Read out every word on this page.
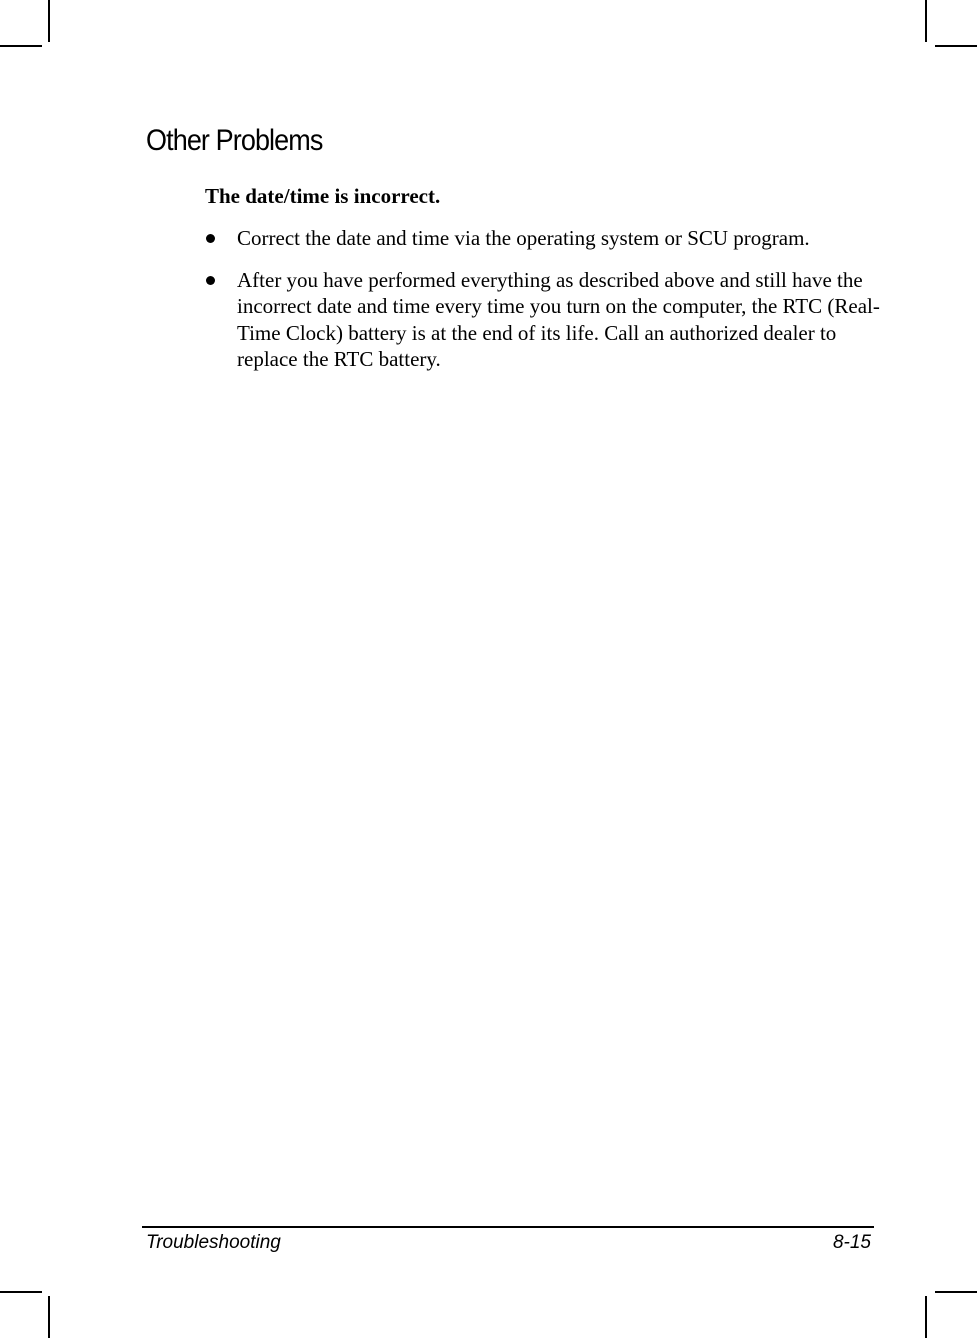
Other Problems
The date/time is incorrect.
Correct the date and time via the operating system or SCU program.
After you have performed everything as described above and still have the incorrect date and time every time you turn on the computer, the RTC (Real-Time Clock) battery is at the end of its life. Call an authorized dealer to replace the RTC battery.
Troubleshooting	8-15
